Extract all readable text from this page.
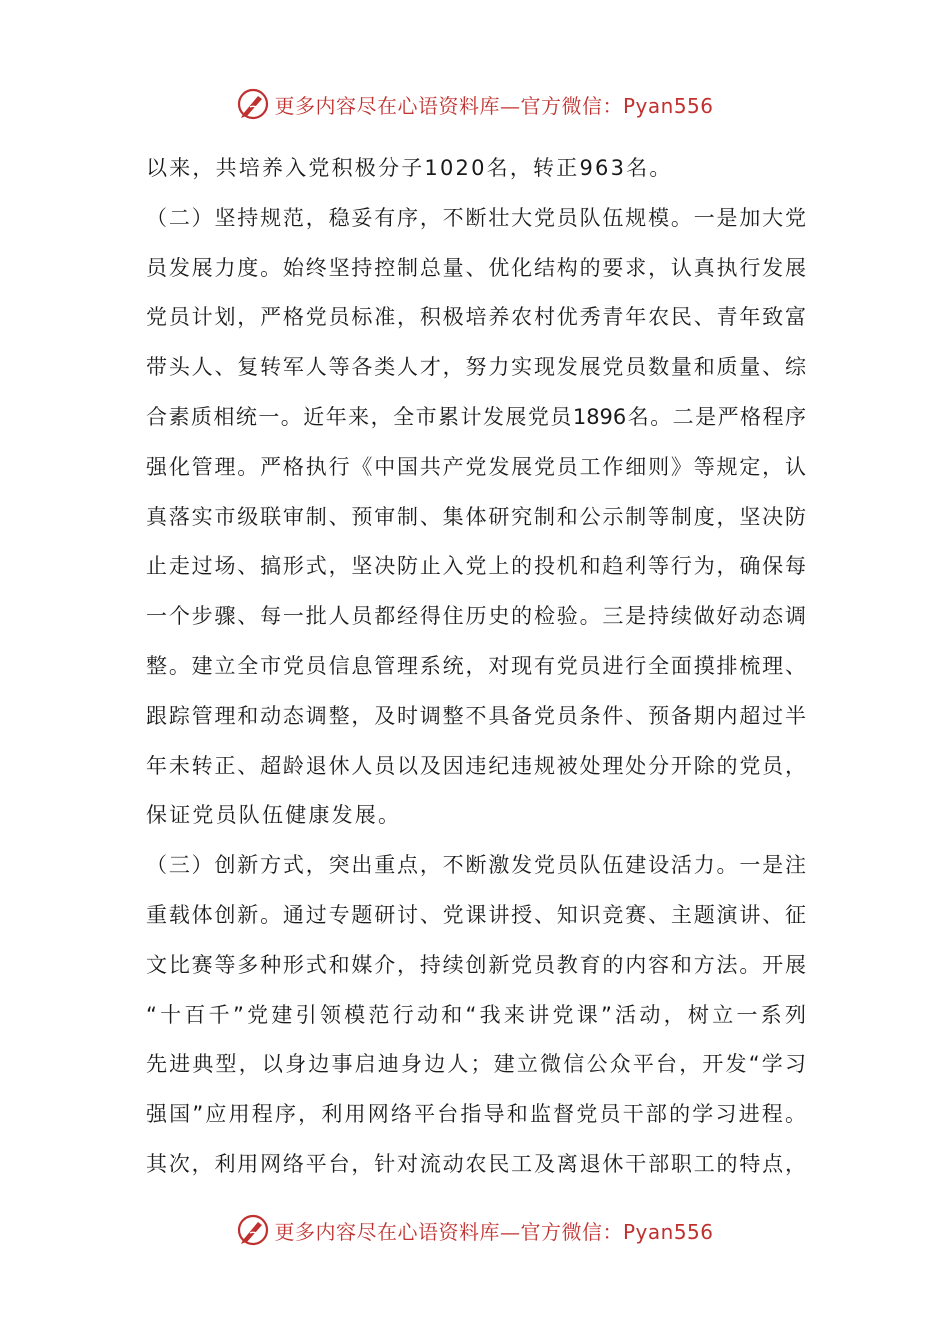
更多内容尽在心语资料库—官方微信：Pyan556
以来，共培养入党积极分子1020名，转正963名。
（二）坚持规范，稳妥有序，不断壮大党员队伍规模。一是加大党
员发展力度。始终坚持控制总量、优化结构的要求，认真执行发展
党员计划，严格党员标准，积极培养农村优秀青年农民、青年致富
带头人、复转军人等各类人才，努力实现发展党员数量和质量、综
合素质相统一。近年来，全市累计发展党员1896名。二是严格程序
强化管理。严格执行《中国共产党发展党员工作细则》等规定，认
真落实市级联审制、预审制、集体研究制和公示制等制度，坚决防
止走过场、搞形式，坚决防止入党上的投机和趋利等行为，确保每
一个步骤、每一批人员都经得住历史的检验。三是持续做好动态调
整。建立全市党员信息管理系统，对现有党员进行全面摸排梳理、
跟踪管理和动态调整，及时调整不具备党员条件、预备期内超过半
年未转正、超龄退休人员以及因违纪违规被处理处分开除的党员，
保证党员队伍健康发展。
（三）创新方式，突出重点，不断激发党员队伍建设活力。一是注
重载体创新。通过专题研讨、党课讲授、知识竞赛、主题演讲、征
文比赛等多种形式和媒介，持续创新党员教育的内容和方法。开展
“十百千”党建引领模范行动和“我来讲党课”活动，树立一系列
先进典型，以身边事启迪身边人；建立微信公众平台，开发“学习
强国”应用程序，利用网络平台指导和监督党员干部的学习进程。
其次，利用网络平台，针对流动农民工及离退休干部职工的特点，
更多内容尽在心语资料库—官方微信：Pyan556
